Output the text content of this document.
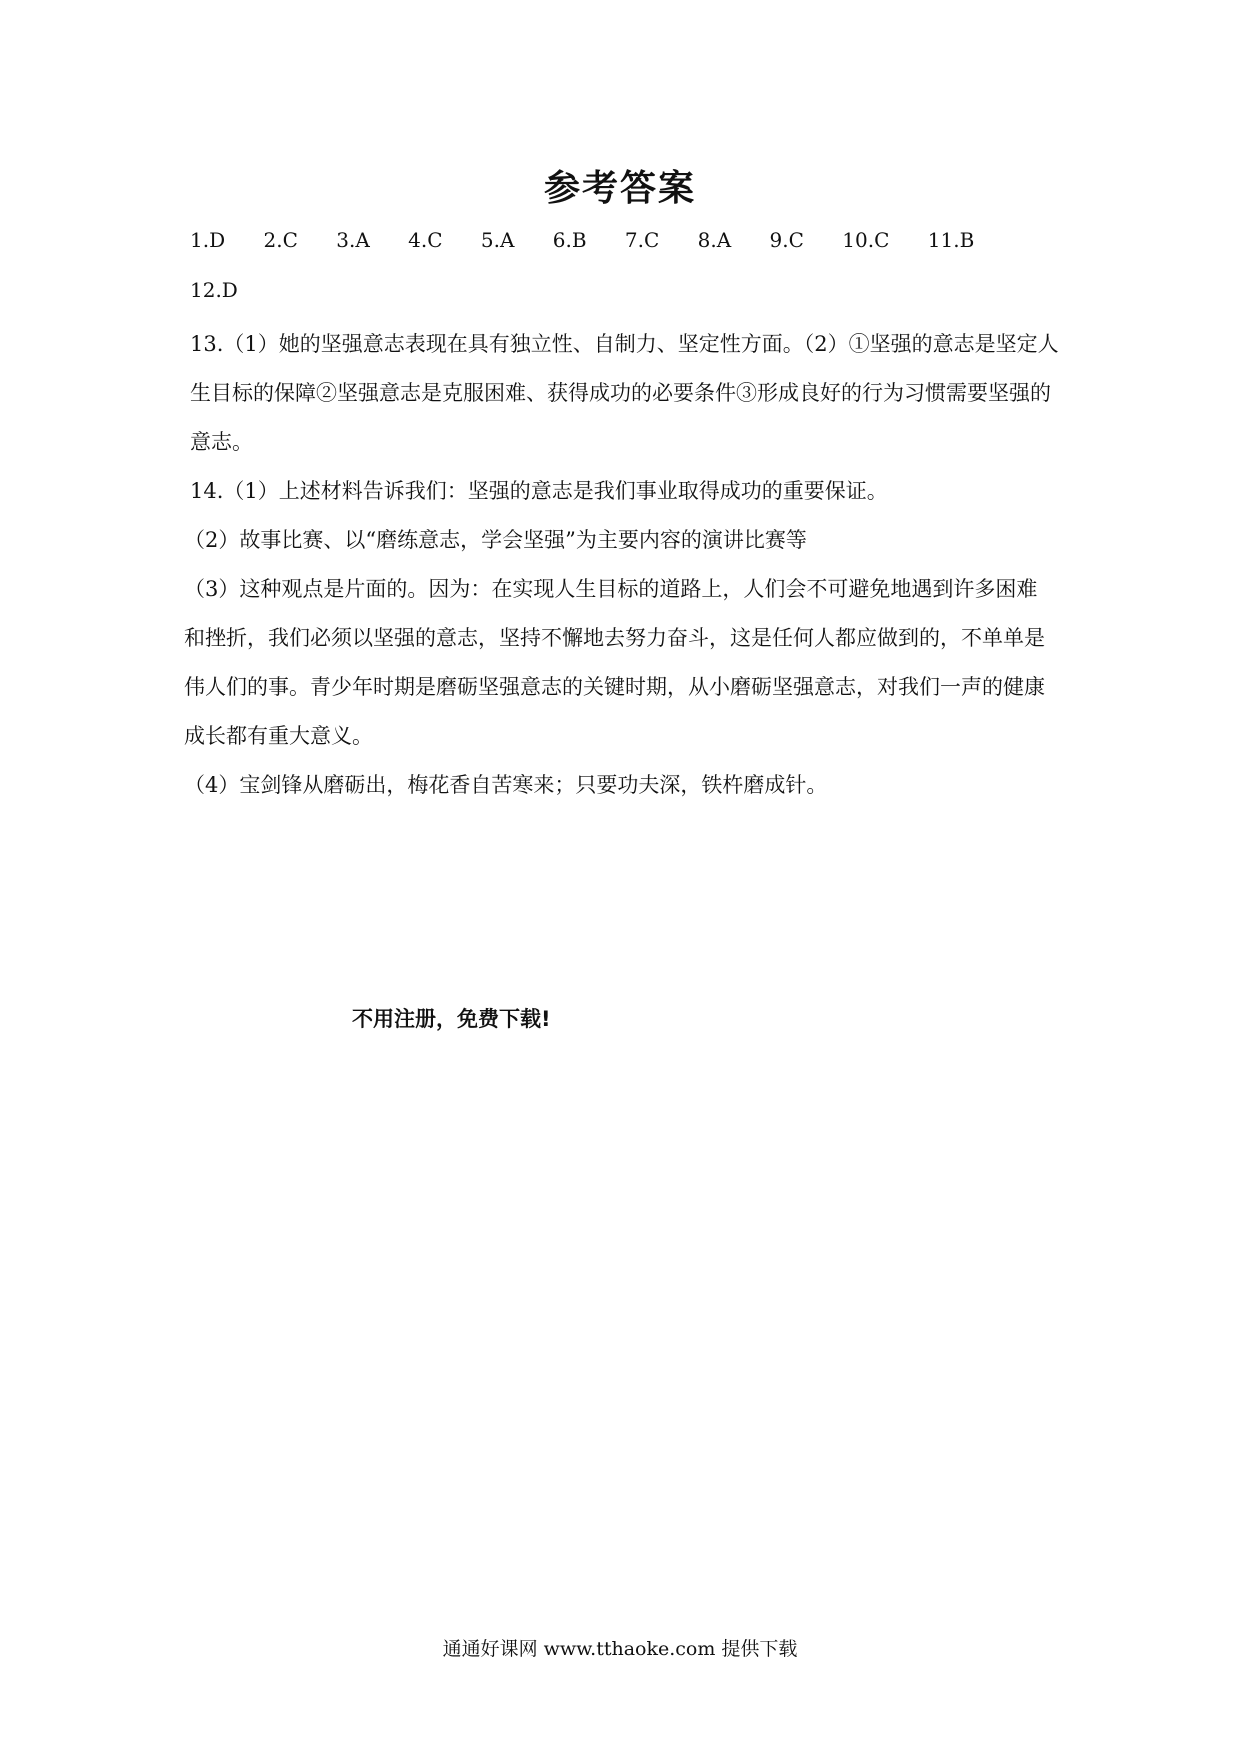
参考答案
1.D 2.C 3.A 4.C 5.A 6.B 7.C 8.A 9.C 10.C 11.B
12.D
13.（1）她的坚强意志表现在具有独立性、自制力、坚定性方面。（2）①坚强的意志是坚定人生目标的保障②坚强意志是克服困难、获得成功的必要条件③形成良好的行为习惯需要坚强的意志。
14.（1）上述材料告诉我们：坚强的意志是我们事业取得成功的重要保证。
（2）故事比赛、以“磨练意志，学会坚强”为主要内容的演讲比赛等
（3）这种观点是片面的。因为：在实现人生目标的道路上，人们会不可避免地遇到许多困难和挫折，我们必须以坚强的意志，坚持不懈地去努力奋斗，这是任何人都应做到的，不单单是伟人们的事。青少年时期是磨砺坚强意志的关键时期，从小磨砺坚强意志，对我们一声的健康成长都有重大意义。
（4）宝剑锋从磨砺出，梅花香自苦寒来；只要功夫深，铁杵磨成针。
不用注册，免费下载!
通通好课网 www.tthaoke.com 提供下载
